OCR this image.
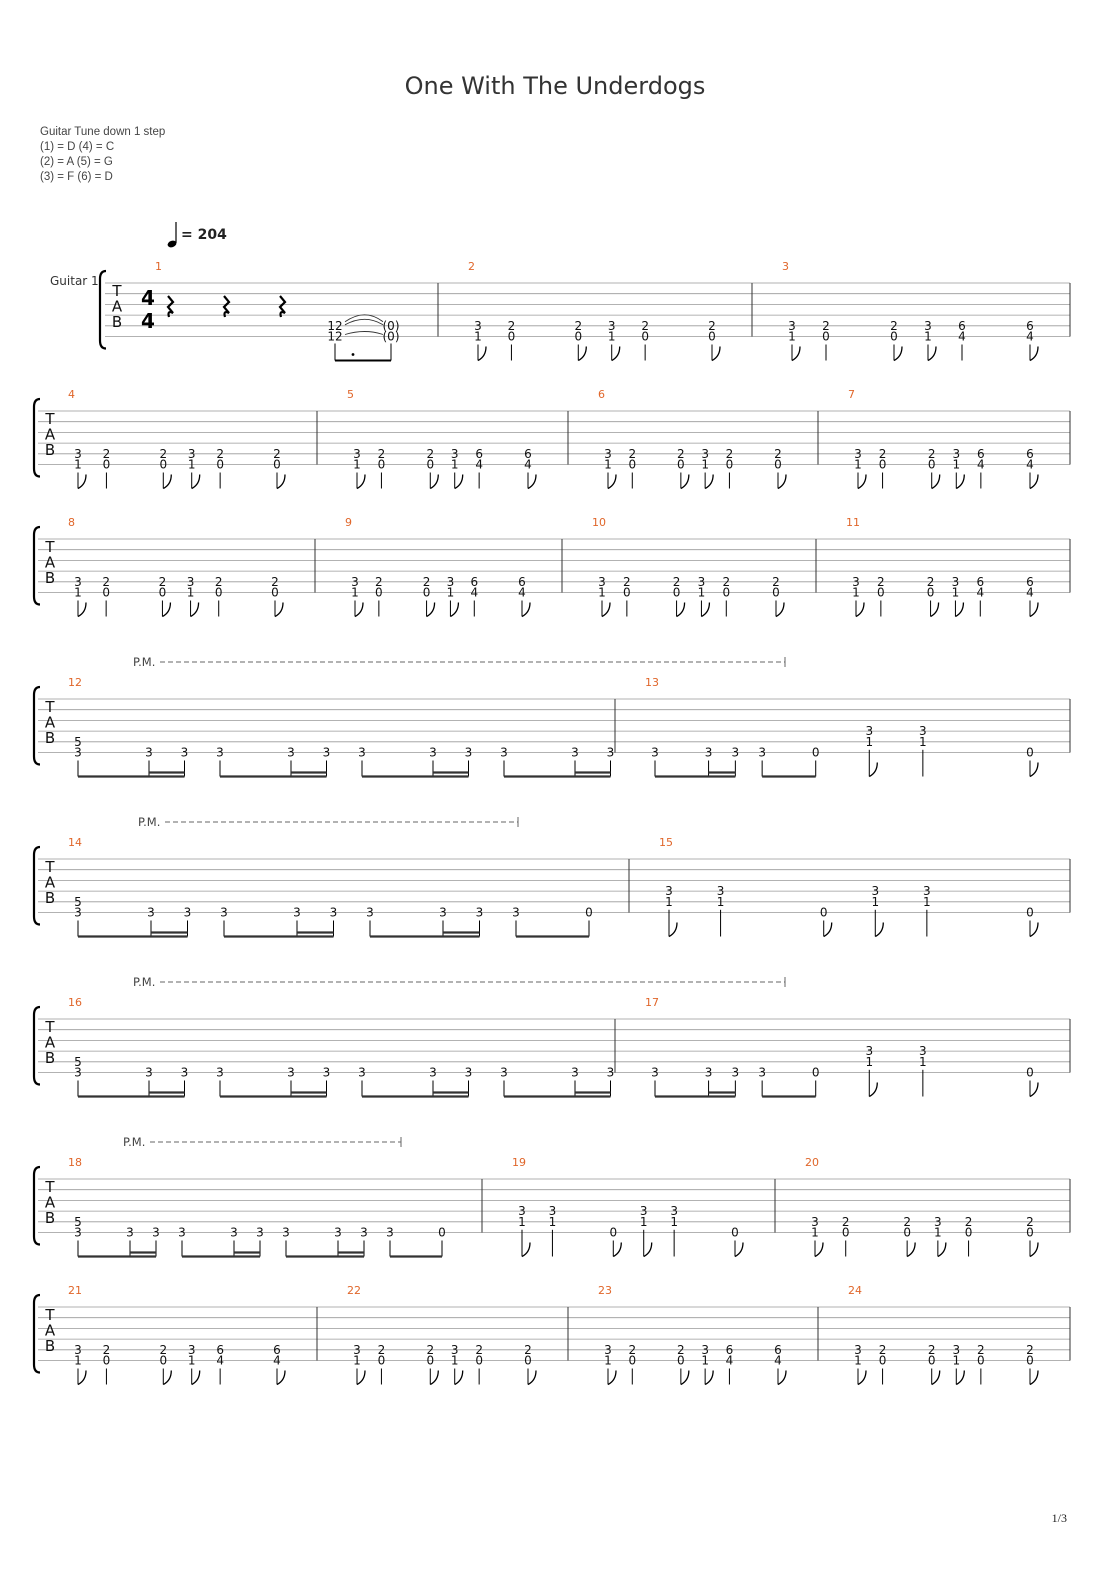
One With The Underdogs
Guitar Tune down 1 step
(1) = D (4) = C
(2) = A (5) = G
(3) = F (6) = D
= 204
Guitar 1
T
A
B
1
4
4	12
12
(0)
(0)
2
3
1
2
0
2
0
3
1
2
0
2
0
3
3
1
2
0
2
0
3
1
6
4
6
4
T
A
B
4
3
1
2
0
2
0
3
1
2
0
2
0
5
3
1
2
0
2
0
3
1
6
4
6
4
6
3
1
2
0
2
0
3
1
2
0
2
0
7
3
1
2
0
2
0
3
1
6
4
6
4
T
A
B
8
3
1
2
0
2
0
3
1
2
0
2
0
9
3
1
2
0
2
0
3
1
6
4
6
4
10
3
1
2
0
2
0
3
1
2
0
2
0
11
3
1
2
0
2
0
3
1
6
4
6
4
T
A
B
P.M.
12
5
3	3 3 3	3 3 3	3 3 3	3 3
13
3	3 3 3	0
3
1
3
1
0
T
A
B
P.M.
14
5
3	3 3 3	3 3 3	3 3 3	0
15
3
1
3
1
0
3
1
3
1
0
T
A
B
P.M.
16
5
3	3 3 3	3 3 3	3 3 3	3 3
17
3	3 3 3	0
3
1
3
1
0
T
A
B
P.M.
18
5
3	3 3 3	3 3 3	3 3 3	0
19
3
1
3
1
0
3
1
3
1
0
20
3
1
2
0
2
0
3
1
2
0
2
0
T
A
B
21
3
1
2
0
2
0
3
1
6
4
6
4
22
3
1
2
0
2
0
3
1
2
0
2
0
23
3
1
2
0
2
0
3
1
6
4
6
4
24
3
1
2
0
2
0
3
1
2
0
2
0
1/3
